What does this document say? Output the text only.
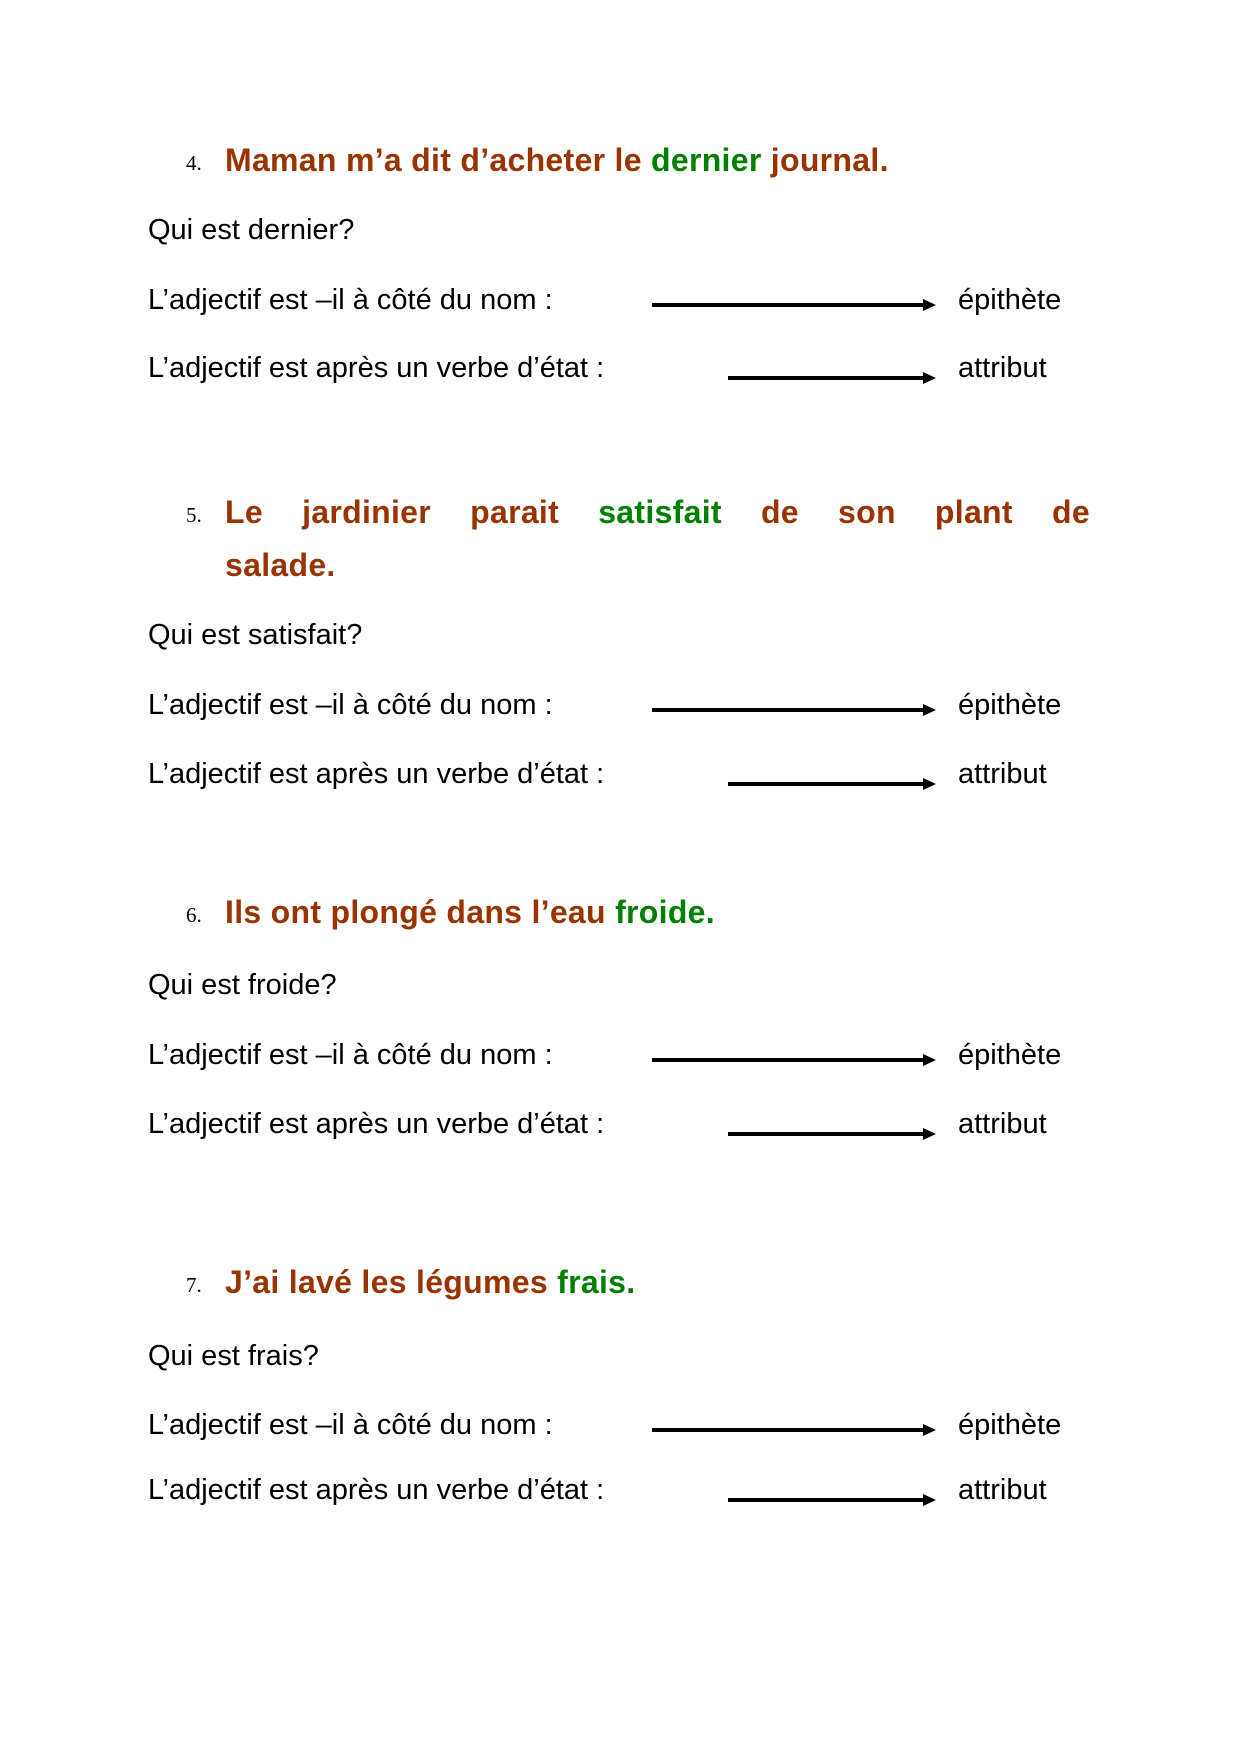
4. Maman m’a dit d’acheter le dernier journal.
Qui est dernier?
L’adjectif est –il à côté du nom :	épithète
L’adjectif est après un verbe d’état :	attribut
5. Le jardinier parait satisfait de son plant de
salade.
Qui est satisfait?
L’adjectif est –il à côté du nom :	épithète
L’adjectif est après un verbe d’état :	attribut
6. Ils ont plongé dans l’eau froide.
Qui est froide?
L’adjectif est –il à côté du nom :	épithète
L’adjectif est après un verbe d’état :	attribut
7. J’ai lavé les légumes frais.
Qui est frais?
L’adjectif est –il à côté du nom :	épithète
L’adjectif est après un verbe d’état :	attribut
